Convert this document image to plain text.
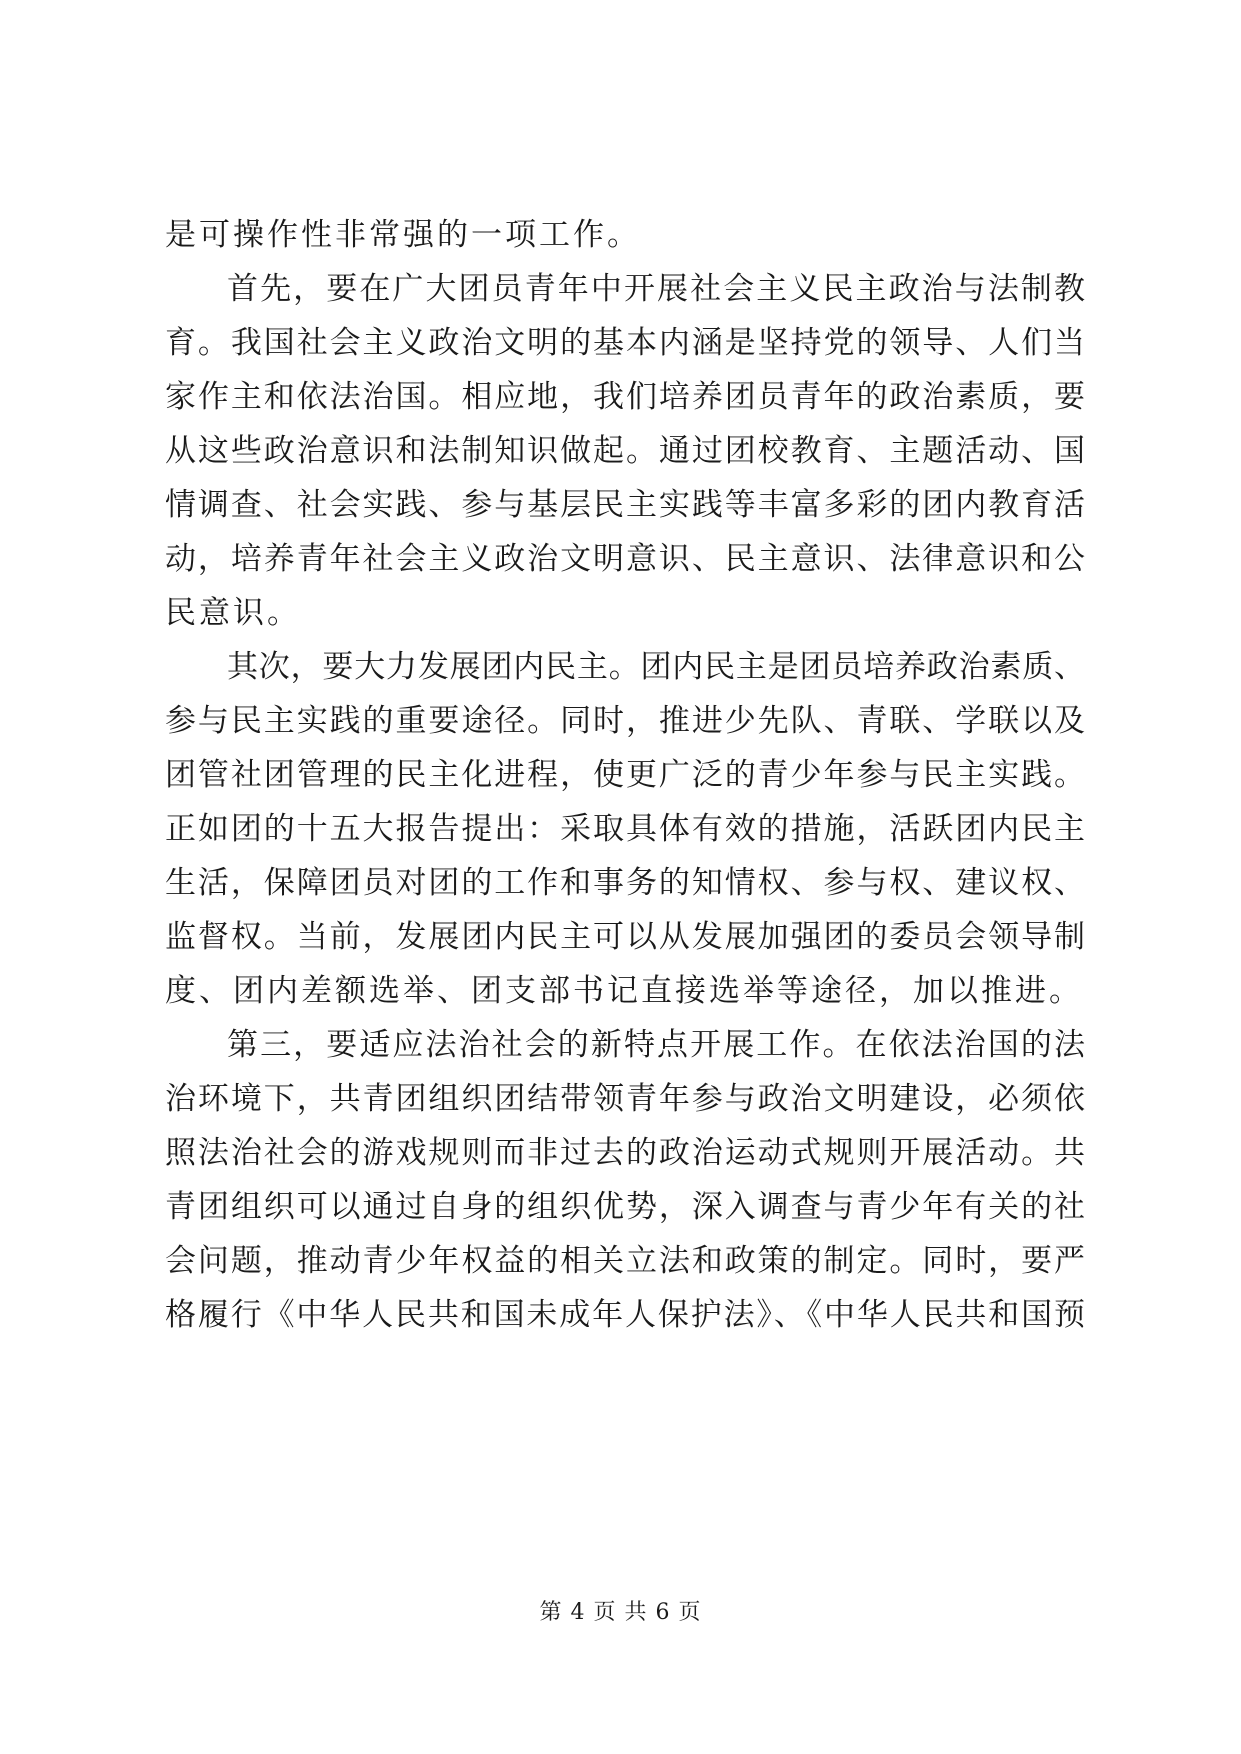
是可操作性非常强的一项工作。
首先，要在广大团员青年中开展社会主义民主政治与法制教
育。我国社会主义政治文明的基本内涵是坚持党的领导、人们当
家作主和依法治国。相应地，我们培养团员青年的政治素质，要
从这些政治意识和法制知识做起。通过团校教育、主题活动、国
情调查、社会实践、参与基层民主实践等丰富多彩的团内教育活
动，培养青年社会主义政治文明意识、民主意识、法律意识和公
民意识。
其次，要大力发展团内民主。团内民主是团员培养政治素质、
参与民主实践的重要途径。同时，推进少先队、青联、学联以及
团管社团管理的民主化进程，使更广泛的青少年参与民主实践。
正如团的十五大报告提出：采取具体有效的措施，活跃团内民主
生活，保障团员对团的工作和事务的知情权、参与权、建议权、
监督权。当前，发展团内民主可以从发展加强团的委员会领导制
度、团内差额选举、团支部书记直接选举等途径，加以推进。
第三，要适应法治社会的新特点开展工作。在依法治国的法
治环境下，共青团组织团结带领青年参与政治文明建设，必须依
照法治社会的游戏规则而非过去的政治运动式规则开展活动。共
青团组织可以通过自身的组织优势，深入调查与青少年有关的社
会问题，推动青少年权益的相关立法和政策的制定。同时，要严
格履行《中华人民共和国未成年人保护法》、《中华人民共和国预
第 4 页 共 6 页
